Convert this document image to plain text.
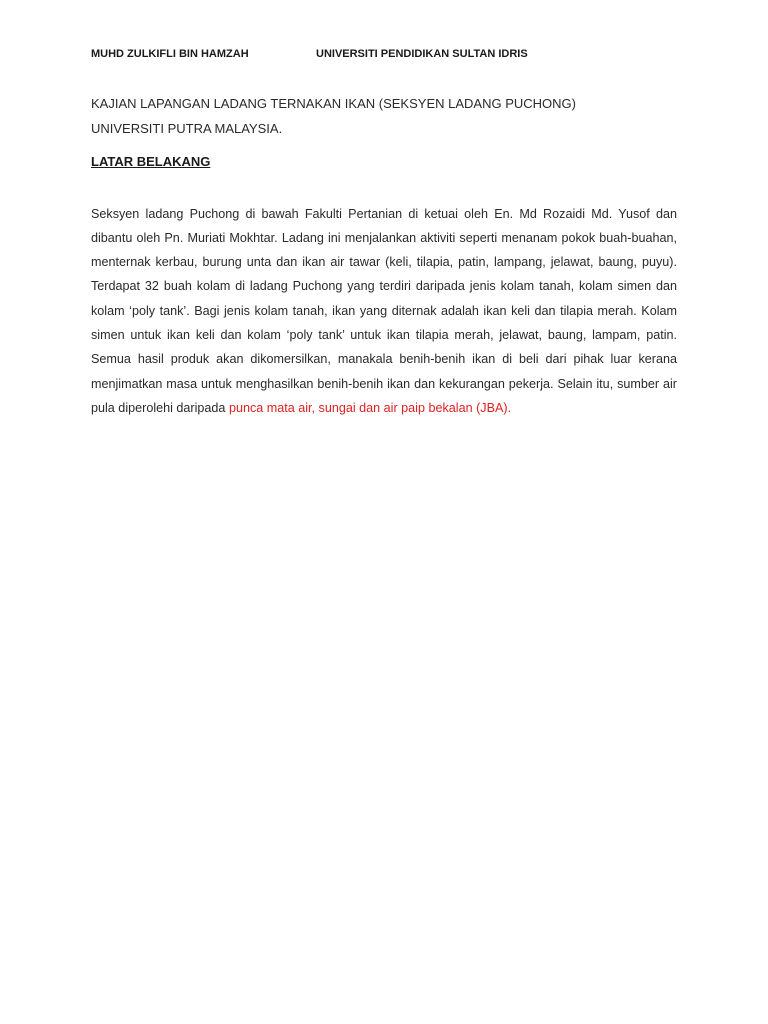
MUHD ZULKIFLI BIN HAMZAH	UNIVERSITI PENDIDIKAN SULTAN IDRIS
KAJIAN LAPANGAN LADANG TERNAKAN IKAN (SEKSYEN LADANG PUCHONG)
UNIVERSITI PUTRA MALAYSIA.
LATAR BELAKANG

Seksyen ladang Puchong di bawah Fakulti Pertanian di ketuai oleh En. Md Rozaidi Md. Yusof dan dibantu oleh Pn. Muriati Mokhtar. Ladang ini menjalankan aktiviti seperti menanam pokok buah-buahan, menternak kerbau, burung unta dan ikan air tawar (keli, tilapia, patin, lampang, jelawat, baung, puyu). Terdapat 32 buah kolam di ladang Puchong yang terdiri daripada jenis kolam tanah, kolam simen dan kolam ‘poly tank’. Bagi jenis kolam tanah, ikan yang diternak adalah ikan keli dan tilapia merah. Kolam simen untuk ikan keli dan kolam ‘poly tank’ untuk ikan tilapia merah, jelawat, baung, lampam, patin. Semua hasil produk akan dikomersilkan, manakala benih-benih ikan di beli dari pihak luar kerana menjimatkan masa untuk menghasilkan benih-benih ikan dan kekurangan pekerja. Selain itu, sumber air pula diperolehi daripada punca mata air, sungai dan air paip bekalan (JBA).
